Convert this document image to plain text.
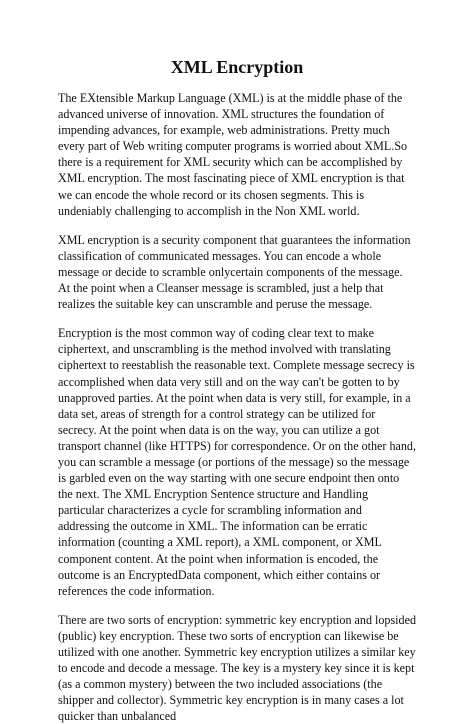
XML Encryption

The EXtensible Markup Language (XML) is at the middle phase of the advanced universe of innovation. XML structures the foundation of impending advances, for example, web administrations. Pretty much every part of Web writing computer programs is worried about XML.So there is a requirement for XML security which can be accomplished by XML encryption. The most fascinating piece of XML encryption is that we can encode the whole record or its chosen segments. This is undeniably challenging to accomplish in the Non XML world.

XML encryption is a security component that guarantees the information classification of communicated messages. You can encode a whole message or decide to scramble onlycertain components of the message. At the point when a Cleanser message is scrambled, just a help that realizes the suitable key can unscramble and peruse the message.

Encryption is the most common way of coding clear text to make ciphertext, and unscrambling is the method involved with translating ciphertext to reestablish the reasonable text. Complete message secrecy is accomplished when data very still and on the way can't be gotten to by unapproved parties. At the point when data is very still, for example, in a data set, areas of strength for a control strategy can be utilized for secrecy. At the point when data is on the way, you can utilize a got transport channel (like HTTPS) for correspondence. Or on the other hand, you can scramble a message (or portions of the message) so the message is garbled even on the way starting with one secure endpoint then onto the next. The XML Encryption Sentence structure and Handling particular characterizes a cycle for scrambling information and addressing the outcome in XML. The information can be erratic information (counting a XML report), a XML component, or XML component content. At the point when information is encoded, the outcome is an EncryptedData component, which either contains or references the code information.

There are two sorts of encryption: symmetric key encryption and lopsided (public) key encryption. These two sorts of encryption can likewise be utilized with one another. Symmetric key encryption utilizes a similar key to encode and decode a message. The key is a mystery key since it is kept (as a common mystery) between the two included associations (the shipper and collector). Symmetric key encryption is in many cases a lot quicker than unbalanced
